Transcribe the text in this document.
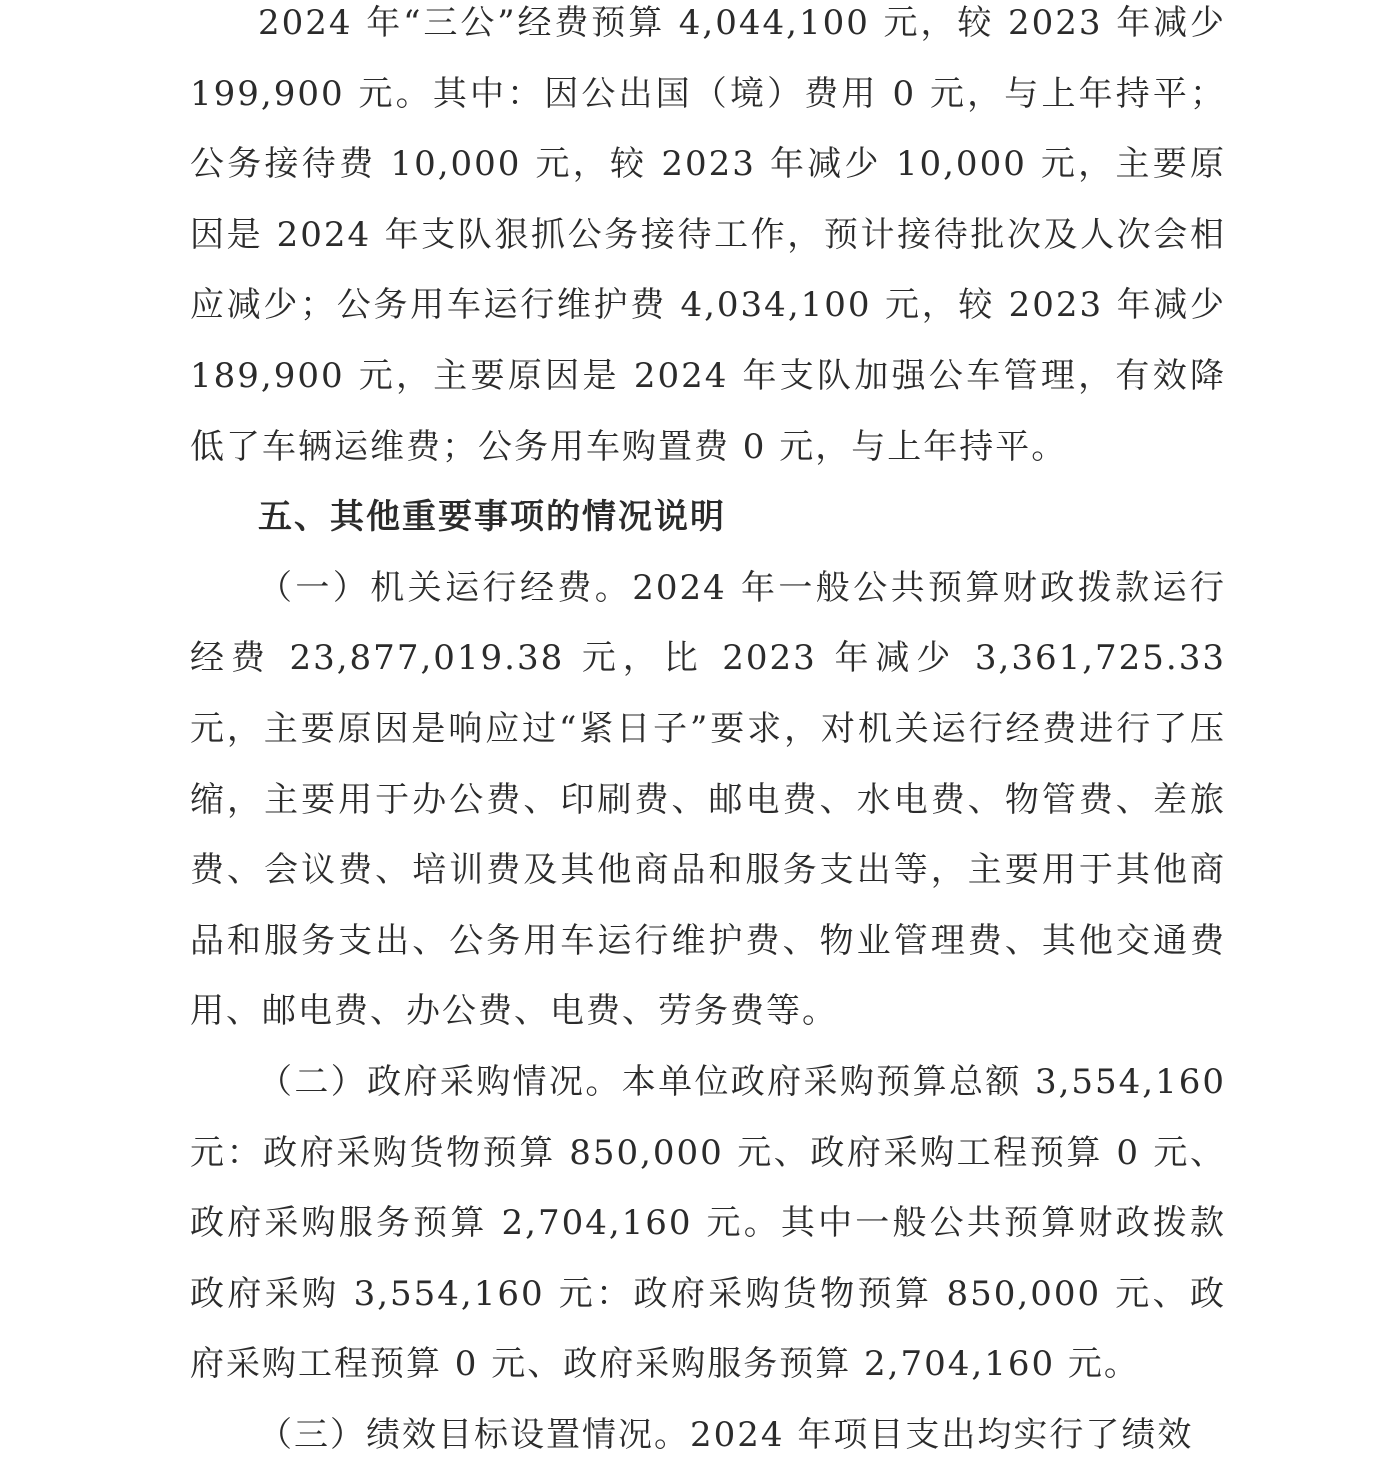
2024 年“三公”经费预算 4,044,100 元，较 2023 年减少 199,900 元。其中：因公出国（境）费用 0 元，与上年持平；公务接待费 10,000 元，较 2023 年减少 10,000 元，主要原因是 2024 年支队狠抓公务接待工作，预计接待批次及人次会相应减少；公务用车运行维护费 4,034,100 元，较 2023 年减少 189,900 元，主要原因是 2024 年支队加强公车管理，有效降低了车辆运维费；公务用车购置费 0 元，与上年持平。

五、其他重要事项的情况说明

（一）机关运行经费。2024 年一般公共预算财政拨款运行经费 23,877,019.38 元，比 2023 年减少 3,361,725.33 元，主要原因是响应过“紧日子”要求，对机关运行经费进行了压缩，主要用于办公费、印刷费、邮电费、水电费、物管费、差旅费、会议费、培训费及其他商品和服务支出等，主要用于其他商品和服务支出、公务用车运行维护费、物业管理费、其他交通费用、邮电费、办公费、电费、劳务费等。

（二）政府采购情况。本单位政府采购预算总额 3,554,160 元：政府采购货物预算 850,000 元、政府采购工程预算 0 元、政府采购服务预算 2,704,160 元。其中一般公共预算财政拨款政府采购 3,554,160 元：政府采购货物预算 850,000 元、政府采购工程预算 0 元、政府采购服务预算 2,704,160 元。

（三）绩效目标设置情况。2024 年项目支出均实行了绩效
